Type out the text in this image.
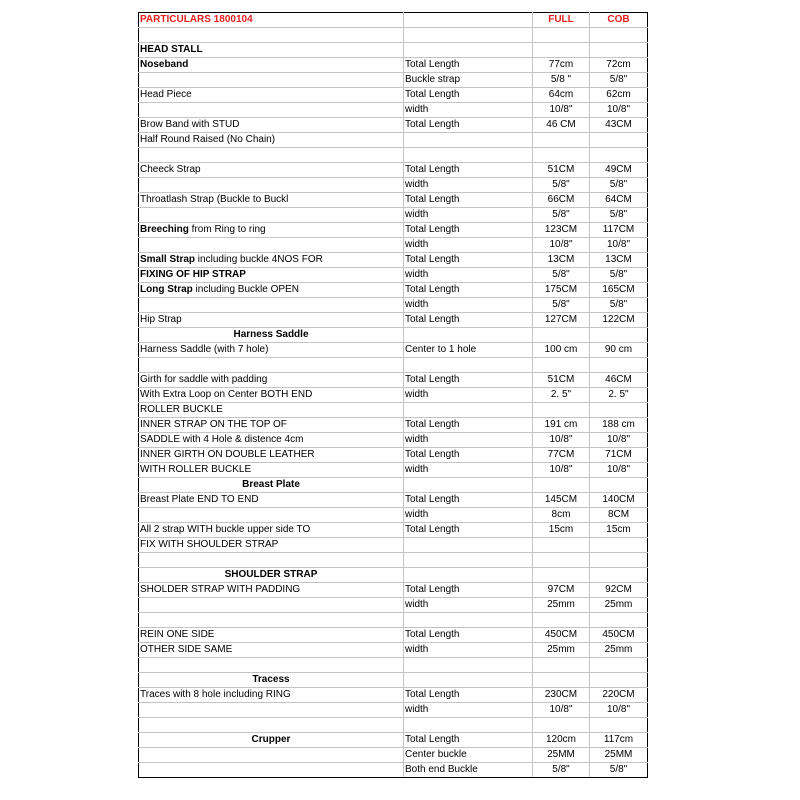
PARTICULARS 1800104		FULL	COB

HEAD STALL			
Noseband	Total Length	77cm	72cm
	Buckle strap	5/8 "	5/8"
Head Piece	Total Length	64cm	62cm
	width	10/8"	10/8"
Brow Band with STUD	Total Length	46 CM	43CM
Half Round Raised (No Chain)			

Cheeck Strap	Total Length	51CM	49CM
	width	5/8"	5/8"
Throatlash Strap (Buckle to Buckl	Total Length	66CM	64CM
	width	5/8"	5/8"
Breeching from Ring to ring	Total Length	123CM	117CM
	width	10/8"	10/8"
Small Strap including buckle 4NOS FOR	Total Length	13CM	13CM
FIXING OF HIP STRAP	width	5/8"	5/8"
Long Strap including Buckle OPEN	Total Length	175CM	165CM
	width	5/8"	5/8"
Hip Strap	Total Length	127CM	122CM
Harness Saddle			
Harness Saddle (with 7 hole)	Center to 1 hole	100 cm	90 cm

Girth for saddle with padding	Total Length	51CM	46CM
With Extra Loop on Center BOTH END	width	2. 5"	2. 5"
ROLLER BUCKLE			
INNER STRAP ON THE TOP OF	Total Length	191 cm	188 cm
SADDLE with 4 Hole & distence 4cm	width	10/8"	10/8"
INNER GIRTH ON DOUBLE LEATHER	Total Length	77CM	71CM
WITH ROLLER BUCKLE	width	10/8"	10/8"
Breast Plate			
Breast Plate END TO END	Total Length	145CM	140CM
	width	8cm	8CM
All 2 strap WITH buckle upper side TO	Total Length	15cm	15cm
FIX WITH SHOULDER STRAP			

SHOULDER STRAP			
SHOLDER STRAP WITH PADDING	Total Length	97CM	92CM
	width	25mm	25mm

REIN ONE SIDE	Total Length	450CM	450CM
OTHER SIDE SAME	width	25mm	25mm

Tracess			
Traces with 8 hole including RING	Total Length	230CM	220CM
	width	10/8"	10/8"

Crupper	Total Length	120cm	117cm
	Center buckle	25MM	25MM
	Both end Buckle	5/8"	5/8"
